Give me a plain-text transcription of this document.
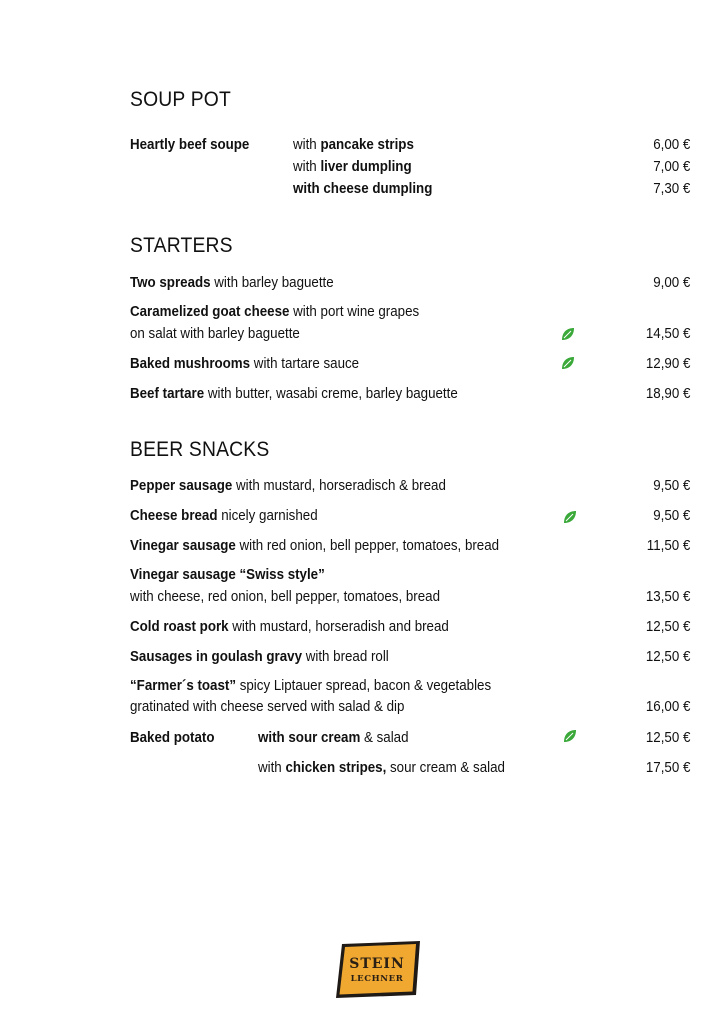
SOUP POT
Heartly beef soupe	with pancake strips	6,00 €
with liver dumpling	7,00 €
with cheese dumpling	7,30 €
STARTERS
Two spreads with barley baguette	9,00 €
Caramelized goat cheese with port wine grapes
on salat with barley baguette	14,50 €
Baked mushrooms with tartare sauce	12,90 €
Beef tartare with butter, wasabi creme, barley baguette	18,90 €
BEER SNACKS
Pepper sausage with mustard, horseradisch & bread	9,50 €
Cheese bread nicely garnished	9,50 €
Vinegar sausage with red onion, bell pepper, tomatoes, bread	11,50 €
Vinegar sausage “Swiss style”
with cheese, red onion, bell pepper, tomatoes, bread	13,50 €
Cold roast pork with mustard, horseradish and bread	12,50 €
Sausages in goulash gravy with bread roll	12,50 €
“Farmer´s toast” spicy Liptauer spread, bacon & vegetables
gratinated with cheese served with salad & dip	16,00 €
Baked potato	with sour cream & salad	12,50 €
with chicken stripes, sour cream & salad	17,50 €
STEIN
LECHNER
